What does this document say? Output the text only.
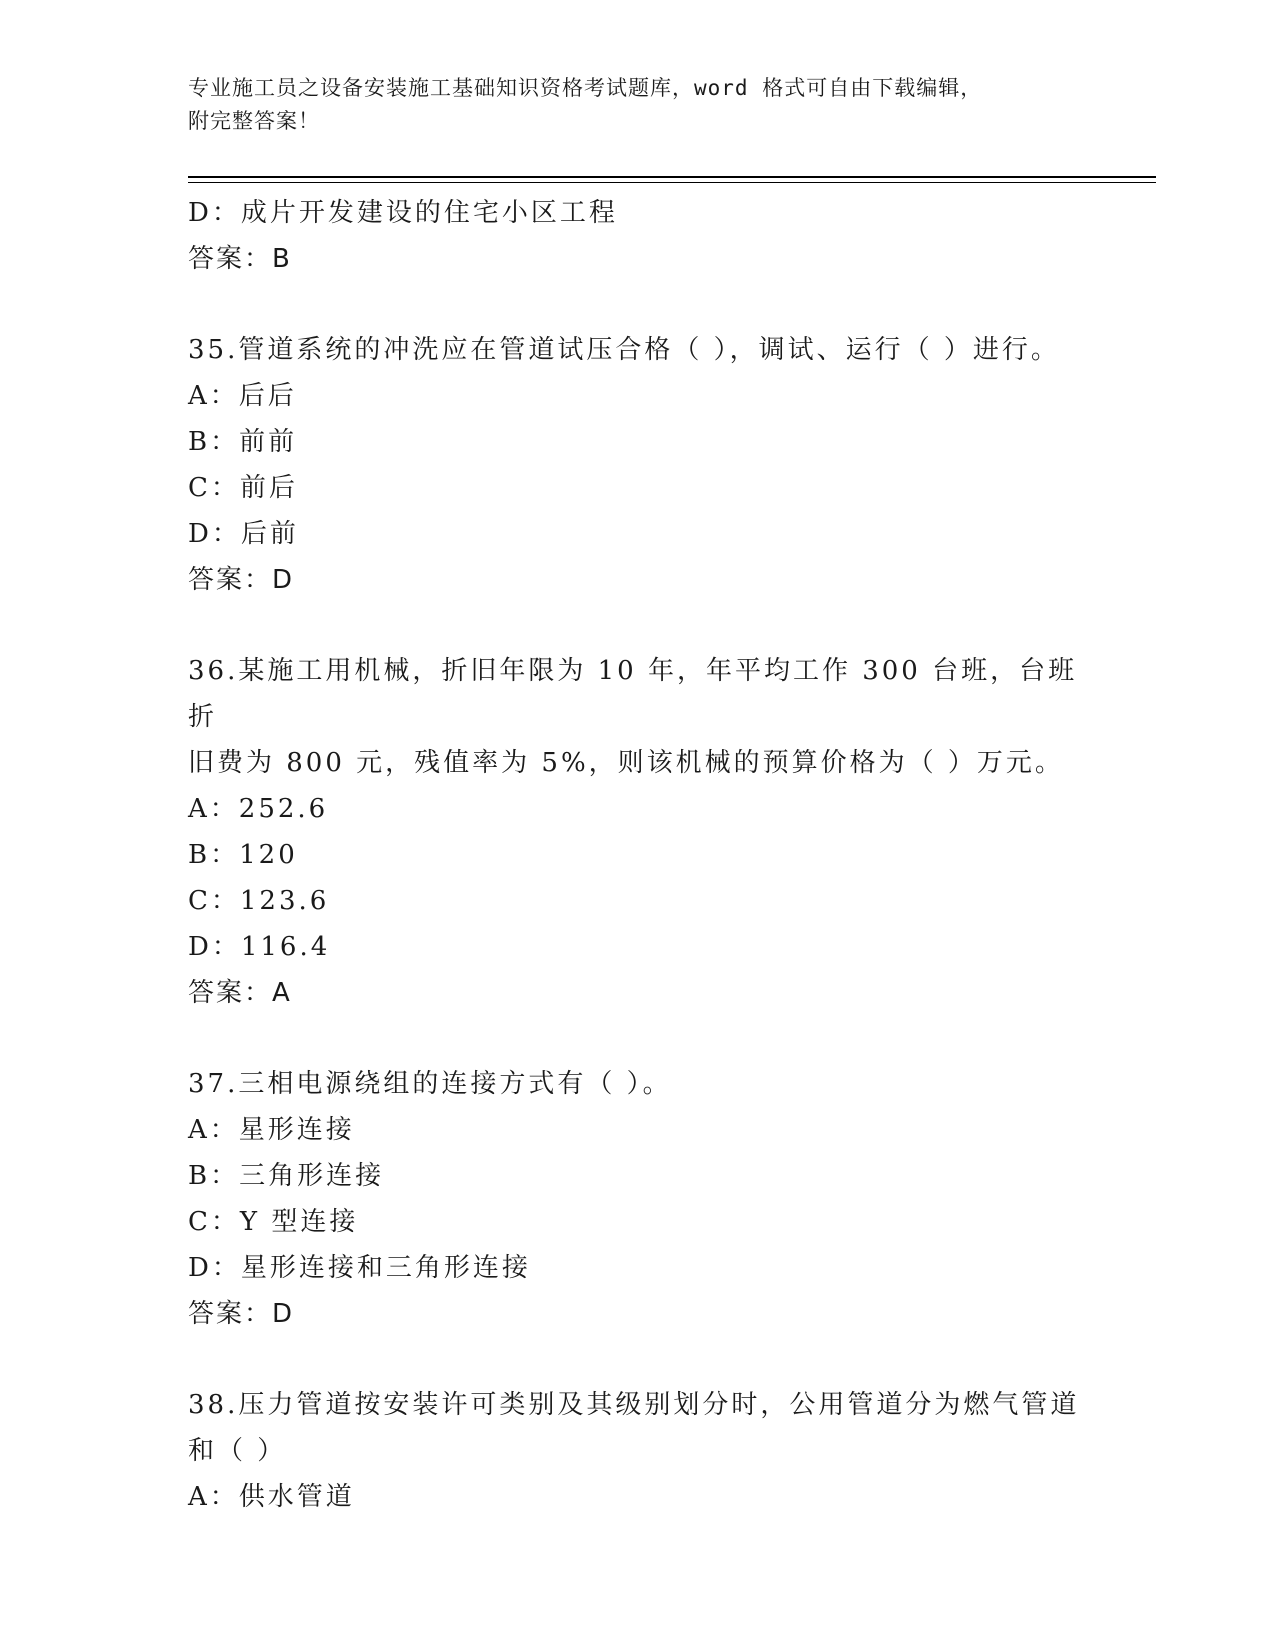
专业施工员之设备安装施工基础知识资格考试题库，word 格式可自由下载编辑，
附完整答案！
D：成片开发建设的住宅小区工程
答案：B
35.管道系统的冲洗应在管道试压合格（ ），调试、运行（ ）进行。
A：后后
B：前前
C：前后
D：后前
答案：D
36.某施工用机械，折旧年限为 10 年，年平均工作 300 台班，台班折
旧费为 800 元，残值率为 5%，则该机械的预算价格为（ ）万元。
A：252.6
B：120
C：123.6
D：116.4
答案：A
37.三相电源绕组的连接方式有（ ）。
A：星形连接
B：三角形连接
C：Y 型连接
D：星形连接和三角形连接
答案：D
38.压力管道按安装许可类别及其级别划分时，公用管道分为燃气管道
和（ ）
A：供水管道
